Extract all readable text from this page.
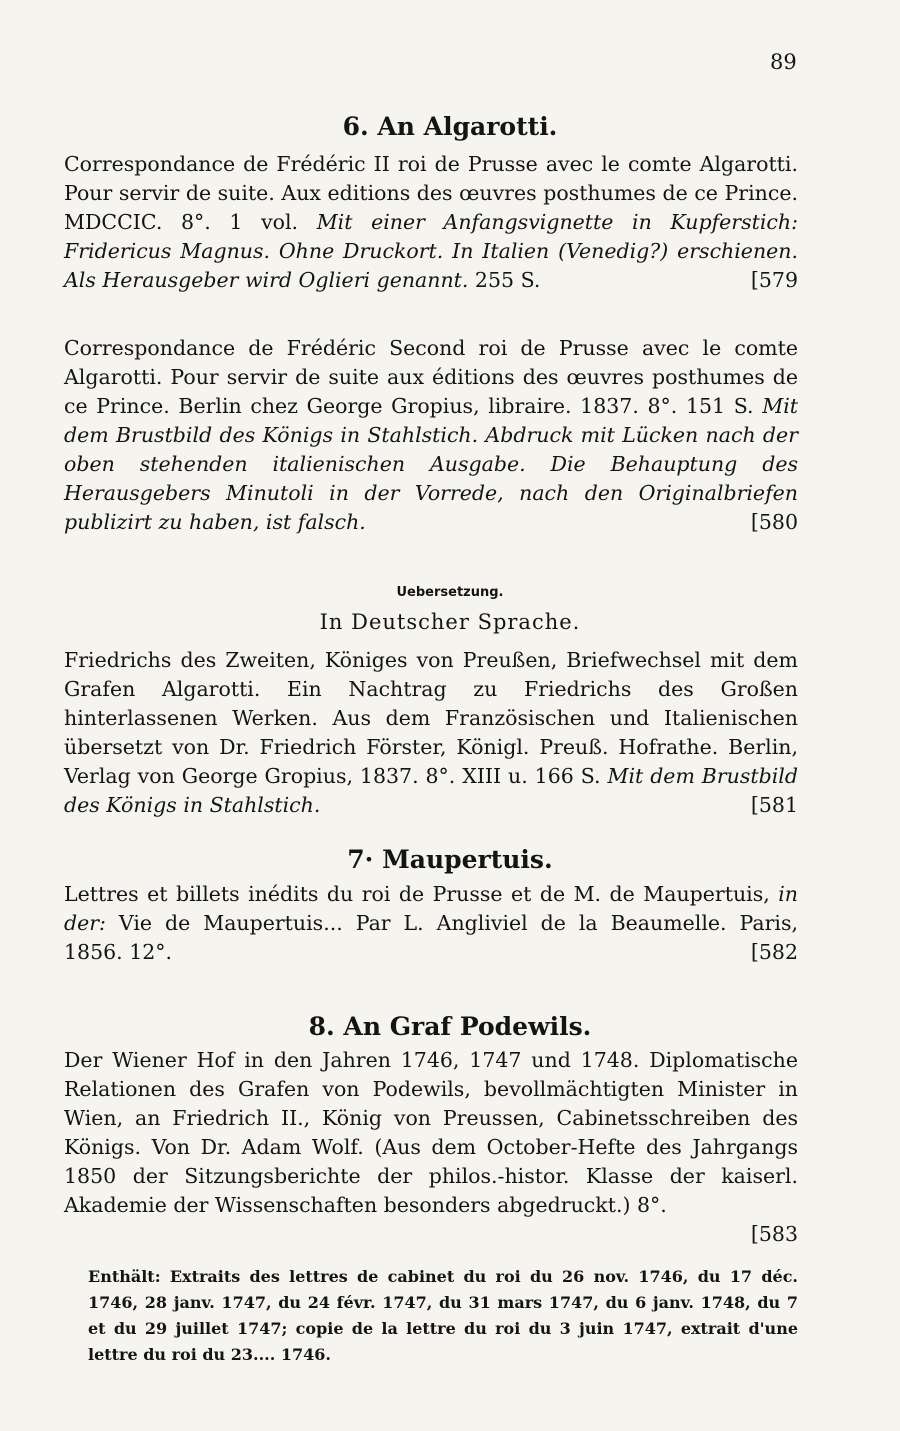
89
6. An Algarotti.
[579
Correspondance de Frédéric II roi de Prusse avec le comte Algarotti. Pour servir de suite. Aux editions des œuvres posthumes de ce Prince. MDCCIC. 8°. 1 vol. Mit einer Anfangsvignette in Kupferstich: Fridericus Magnus. Ohne Druckort. In Italien (Venedig?) erschienen. Als Herausgeber wird Oglieri genannt. 255 S.
[580
Correspondance de Frédéric Second roi de Prusse avec le comte Algarotti. Pour servir de suite aux éditions des œuvres posthumes de ce Prince. Berlin chez George Gropius, libraire. 1837. 8°. 151 S. Mit dem Brustbild des Königs in Stahlstich. Abdruck mit Lücken nach der oben stehenden italienischen Ausgabe. Die Behauptung des Herausgebers Minutoli in der Vorrede, nach den Originalbriefen publizirt zu haben, ist falsch.
Uebersetzung.
In Deutscher Sprache.
[581
Friedrichs des Zweiten, Königes von Preußen, Briefwechsel mit dem Grafen Algarotti. Ein Nachtrag zu Friedrichs des Großen hinterlassenen Werken. Aus dem Französischen und Italienischen übersetzt von Dr. Friedrich Förster, Königl. Preuß. Hofrathe. Berlin, Verlag von George Gropius, 1837. 8°. XIII u. 166 S. Mit dem Brustbild des Königs in Stahlstich.
7· Maupertuis.
[582
Lettres et billets inédits du roi de Prusse et de M. de Maupertuis, in der: Vie de Maupertuis... Par L. Angliviel de la Beaumelle. Paris, 1856. 12°.
8. An Graf Podewils.
[583
Der Wiener Hof in den Jahren 1746, 1747 und 1748. Diplomatische Relationen des Grafen von Podewils, bevollmächtigten Minister in Wien, an Friedrich II., König von Preussen, Cabinetsschreiben des Königs. Von Dr. Adam Wolf. (Aus dem October-Hefte des Jahrgangs 1850 der Sitzungsberichte der philos.-histor. Klasse der kaiserl. Akademie der Wissenschaften besonders abgedruckt.) 8°.
Enthält: Extraits des lettres de cabinet du roi du 26 nov. 1746, du 17 déc. 1746, 28 janv. 1747, du 24 févr. 1747, du 31 mars 1747, du 6 janv. 1748, du 7 et du 29 juillet 1747; copie de la lettre du roi du 3 juin 1747, extrait d'une lettre du roi du 23.... 1746.
